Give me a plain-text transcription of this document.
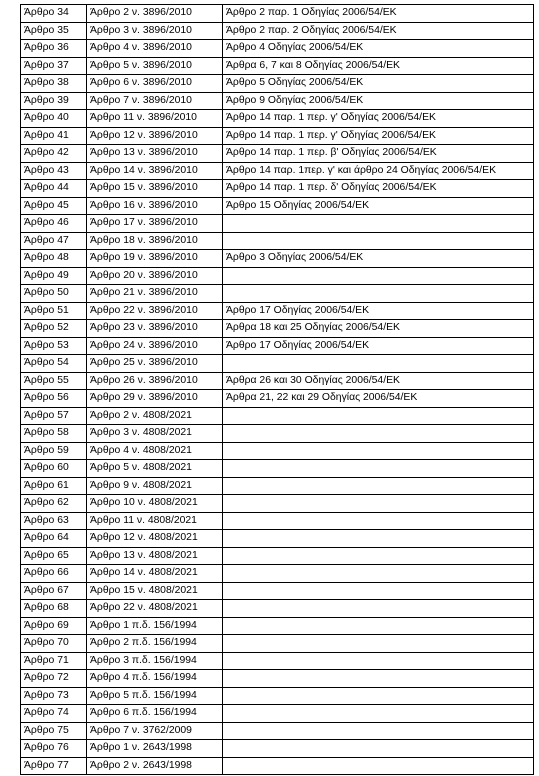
Άρθρο 34	Άρθρο 2 ν. 3896/2010	Άρθρο 2 παρ. 1 Οδηγίας 2006/54/ΕΚ
Άρθρο 35	Άρθρο 3 ν. 3896/2010	Άρθρο 2 παρ. 2 Οδηγίας 2006/54/ΕΚ
Άρθρο 36	Άρθρο 4 ν. 3896/2010	Άρθρο 4 Οδηγίας 2006/54/ΕΚ
Άρθρο 37	Άρθρο 5 ν. 3896/2010	Άρθρα 6, 7 και 8 Οδηγίας 2006/54/ΕΚ
Άρθρο 38	Άρθρο 6 ν. 3896/2010	Άρθρο 5 Οδηγίας 2006/54/ΕΚ
Άρθρο 39	Άρθρο 7 ν. 3896/2010	Άρθρο 9 Οδηγίας 2006/54/ΕΚ
Άρθρο 40	Άρθρο 11 ν. 3896/2010	Άρθρο 14 παρ. 1 περ. γ' Οδηγίας 2006/54/ΕΚ
Άρθρο 41	Άρθρο 12 ν. 3896/2010	Άρθρο 14 παρ. 1 περ. γ' Οδηγίας 2006/54/ΕΚ
Άρθρο 42	Άρθρο 13 ν. 3896/2010	Άρθρο 14 παρ. 1 περ. β' Οδηγίας 2006/54/ΕΚ
Άρθρο 43	Άρθρο 14 ν. 3896/2010	Άρθρο 14 παρ. 1περ. γ' και άρθρο 24 Οδηγίας 2006/54/ΕΚ
Άρθρο 44	Άρθρο 15 ν. 3896/2010	Άρθρο 14 παρ. 1 περ. δ' Οδηγίας 2006/54/ΕΚ
Άρθρο 45	Άρθρο 16 ν. 3896/2010	Άρθρο 15 Οδηγίας 2006/54/ΕΚ
Άρθρο 46	Άρθρο 17 ν. 3896/2010	
Άρθρο 47	Άρθρο 18 ν. 3896/2010	
Άρθρο 48	Άρθρο 19 ν. 3896/2010	Άρθρο 3 Οδηγίας 2006/54/ΕΚ
Άρθρο 49	Άρθρο 20 ν. 3896/2010	
Άρθρο 50	Άρθρο 21 ν. 3896/2010	
Άρθρο 51	Άρθρο 22 ν. 3896/2010	Άρθρο 17 Οδηγίας 2006/54/ΕΚ
Άρθρο 52	Άρθρο 23 ν. 3896/2010	Άρθρα 18 και 25 Οδηγίας 2006/54/ΕΚ
Άρθρο 53	Άρθρο 24 ν. 3896/2010	Άρθρο 17 Οδηγίας 2006/54/ΕΚ
Άρθρο 54	Άρθρο 25 ν. 3896/2010	
Άρθρο 55	Άρθρο 26 ν. 3896/2010	Άρθρα 26 και 30 Οδηγίας 2006/54/ΕΚ
Άρθρο 56	Άρθρο 29 ν. 3896/2010	Άρθρα 21, 22 και 29 Οδηγίας 2006/54/ΕΚ
Άρθρο 57	Άρθρο 2 ν. 4808/2021	
Άρθρο 58	Άρθρο 3 ν. 4808/2021	
Άρθρο 59	Άρθρο 4 ν. 4808/2021	
Άρθρο 60	Άρθρο 5 ν. 4808/2021	
Άρθρο 61	Άρθρο 9 ν. 4808/2021	
Άρθρο 62	Άρθρο 10 ν. 4808/2021	
Άρθρο 63	Άρθρο 11 ν. 4808/2021	
Άρθρο 64	Άρθρο 12 ν. 4808/2021	
Άρθρο 65	Άρθρο 13 ν. 4808/2021	
Άρθρο 66	Άρθρο 14 ν. 4808/2021	
Άρθρο 67	Άρθρο 15 ν. 4808/2021	
Άρθρο 68	Άρθρο 22 ν. 4808/2021	
Άρθρο 69	Άρθρο 1 π.δ. 156/1994	
Άρθρο 70	Άρθρο 2 π.δ. 156/1994	
Άρθρο 71	Άρθρο 3 π.δ. 156/1994	
Άρθρο 72	Άρθρο 4 π.δ. 156/1994	
Άρθρο 73	Άρθρο 5 π.δ. 156/1994	
Άρθρο 74	Άρθρο 6 π.δ. 156/1994	
Άρθρο 75	Άρθρο 7 ν. 3762/2009	
Άρθρο 76	Άρθρο 1 ν. 2643/1998	
Άρθρο 77	Άρθρο 2 ν. 2643/1998	
